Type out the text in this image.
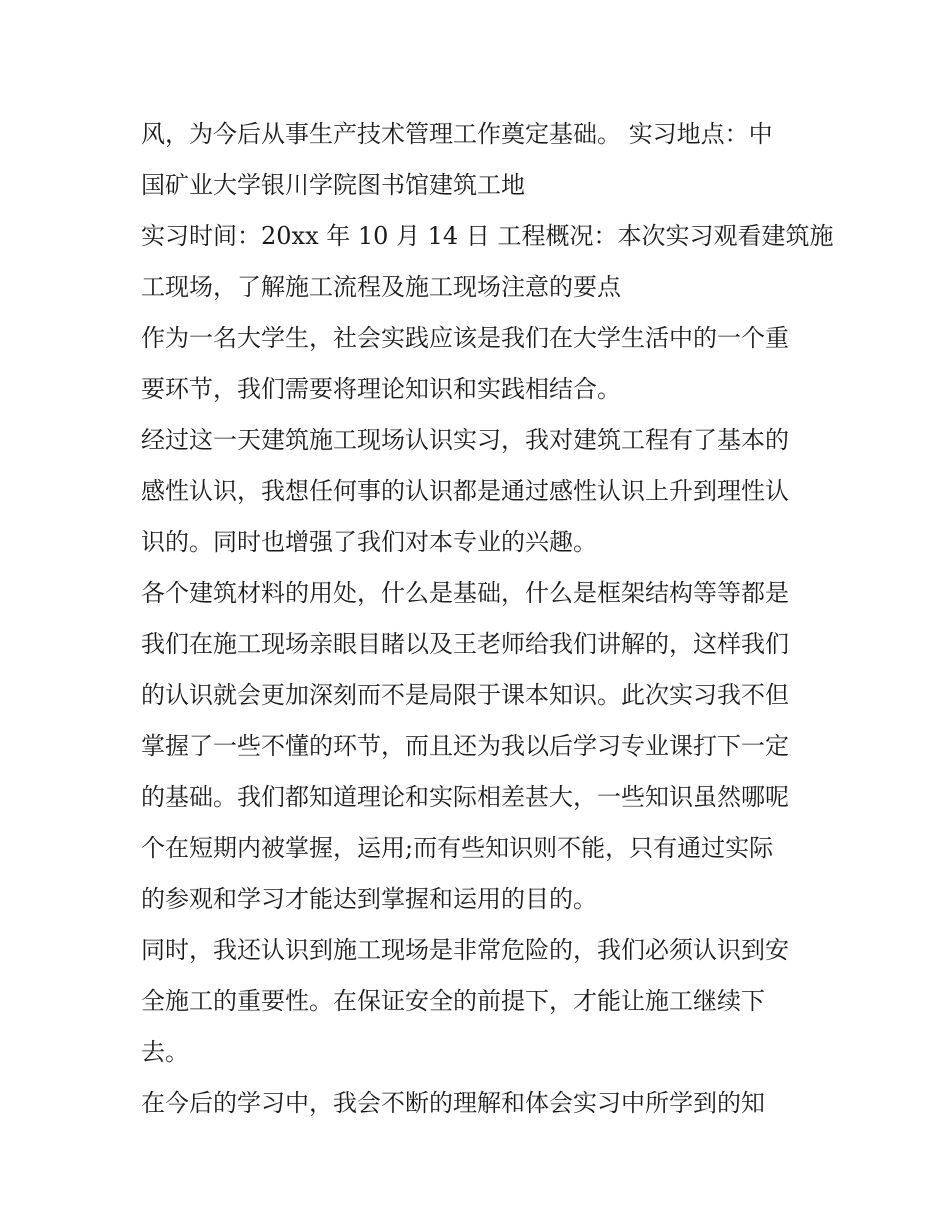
风，为今后从事生产技术管理工作奠定基础。 实习地点：中
国矿业大学银川学院图书馆建筑工地
实习时间：20xx 年 10 月 14 日 工程概况：本次实习观看建筑施
工现场，了解施工流程及施工现场注意的要点
作为一名大学生，社会实践应该是我们在大学生活中的一个重
要环节，我们需要将理论知识和实践相结合。
经过这一天建筑施工现场认识实习，我对建筑工程有了基本的
感性认识，我想任何事的认识都是通过感性认识上升到理性认
识的。同时也增强了我们对本专业的兴趣。
各个建筑材料的用处，什么是基础，什么是框架结构等等都是
我们在施工现场亲眼目睹以及王老师给我们讲解的，这样我们
的认识就会更加深刻而不是局限于课本知识。此次实习我不但
掌握了一些不懂的环节，而且还为我以后学习专业课打下一定
的基础。我们都知道理论和实际相差甚大，一些知识虽然哪呢
个在短期内被掌握，运用;而有些知识则不能，只有通过实际
的参观和学习才能达到掌握和运用的目的。
同时，我还认识到施工现场是非常危险的，我们必须认识到安
全施工的重要性。在保证安全的前提下，才能让施工继续下
去。
在今后的学习中，我会不断的理解和体会实习中所学到的知
